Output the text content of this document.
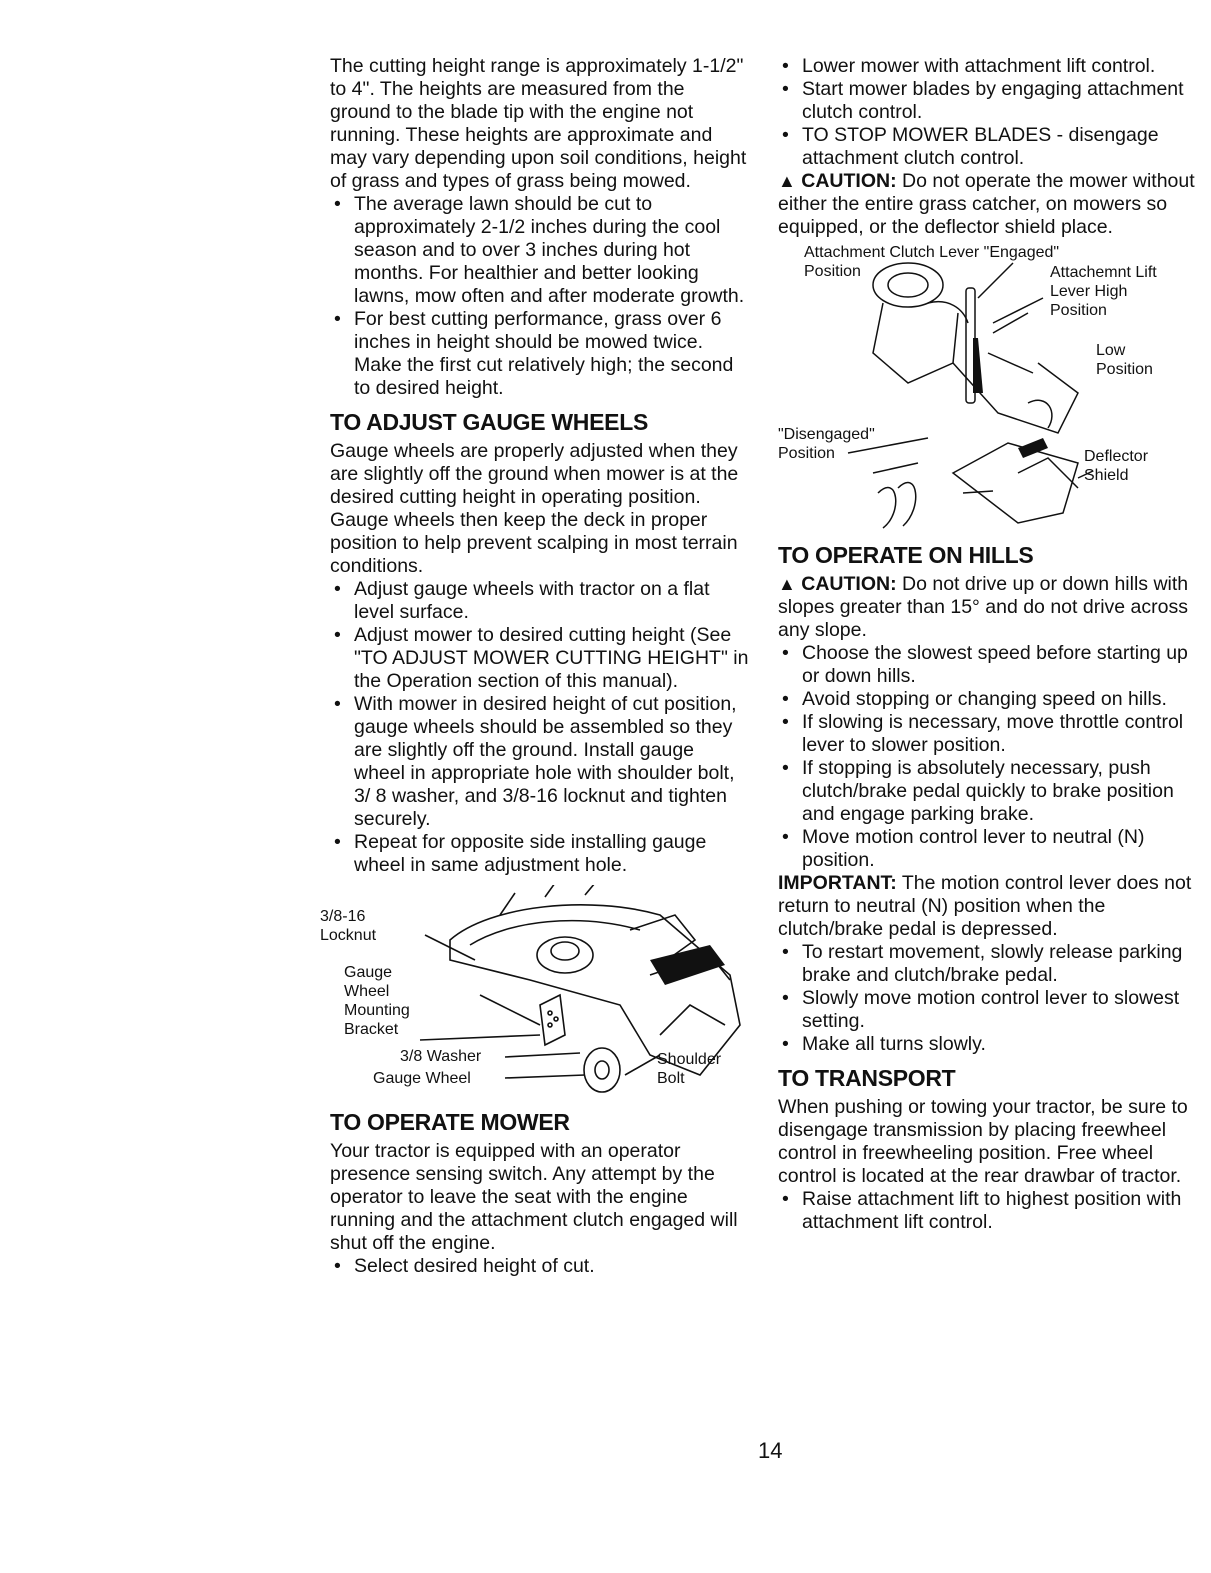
The cutting height range is approximately 1-1/2" to 4". The heights are measured from the ground to the blade tip with the engine not running. These heights are approximate and may vary depending upon soil conditions, height of grass and types of grass being mowed.

• The average lawn should be cut to approximately 2-1/2 inches during the cool season and to over 3 inches during hot months. For healthier and better looking lawns, mow often and after moderate growth.
• For best cutting performance, grass over 6 inches in height should be mowed twice. Make the first cut relatively high; the second to desired height.
TO ADJUST GAUGE WHEELS

Gauge wheels are properly adjusted when they are slightly off the ground when mower is at the desired cutting height in operating position. Gauge wheels then keep the deck in proper position to help prevent scalping in most terrain conditions.

• Adjust gauge wheels with tractor on a flat level surface.
• Adjust mower to desired cutting height (See "TO ADJUST MOWER CUTTING HEIGHT" in the Operation section of this manual).
• With mower in desired height of cut position, gauge wheels should be assembled so they are slightly off the ground. Install gauge wheel in appropriate hole with shoulder bolt, 3/ 8 washer, and 3/8-16 locknut and tighten securely.
• Repeat for opposite side installing gauge wheel in same adjustment hole.
3/8-16
Locknut
Gauge
Wheel
Mounting
Bracket
3/8 Washer
Gauge Wheel
Shoulder
Bolt
TO OPERATE MOWER

Your tractor is equipped with an operator presence sensing switch. Any attempt by the operator to leave the seat with the engine running and the attachment clutch engaged will shut off the engine.

• Select desired height of cut.
• Lower mower with attachment lift control.
• Start mower blades by engaging attachment clutch control.
• TO STOP MOWER BLADES - disengage attachment clutch control.

▲ CAUTION: Do not operate the mower without either the entire grass catcher, on mowers so equipped, or the deflector shield place.

Attachment Clutch Lever "Engaged"
Position	Attachemnt Lift
Lever High
Position
Low
Position
"Disengaged"
Position	Deflector
Shield
TO OPERATE ON HILLS

▲ CAUTION: Do not drive up or down hills with slopes greater than 15° and do not drive across any slope.

• Choose the slowest speed before starting up or down hills.
• Avoid stopping or changing speed on hills.
• If slowing is necessary, move throttle control lever to slower position.
• If stopping is absolutely necessary, push clutch/brake pedal quickly to brake position and engage parking brake.
• Move motion control lever to neutral (N) position.

IMPORTANT: The motion control lever does not return to neutral (N) position when the clutch/brake pedal is depressed.

• To restart movement, slowly release parking brake and clutch/brake pedal.
• Slowly move motion control lever to slowest setting.
• Make all turns slowly.
TO TRANSPORT

When pushing or towing your tractor, be sure to disengage transmission by placing freewheel control in freewheeling position. Free wheel control is located at the rear drawbar of tractor.

• Raise attachment lift to highest position with attachment lift control.
14
